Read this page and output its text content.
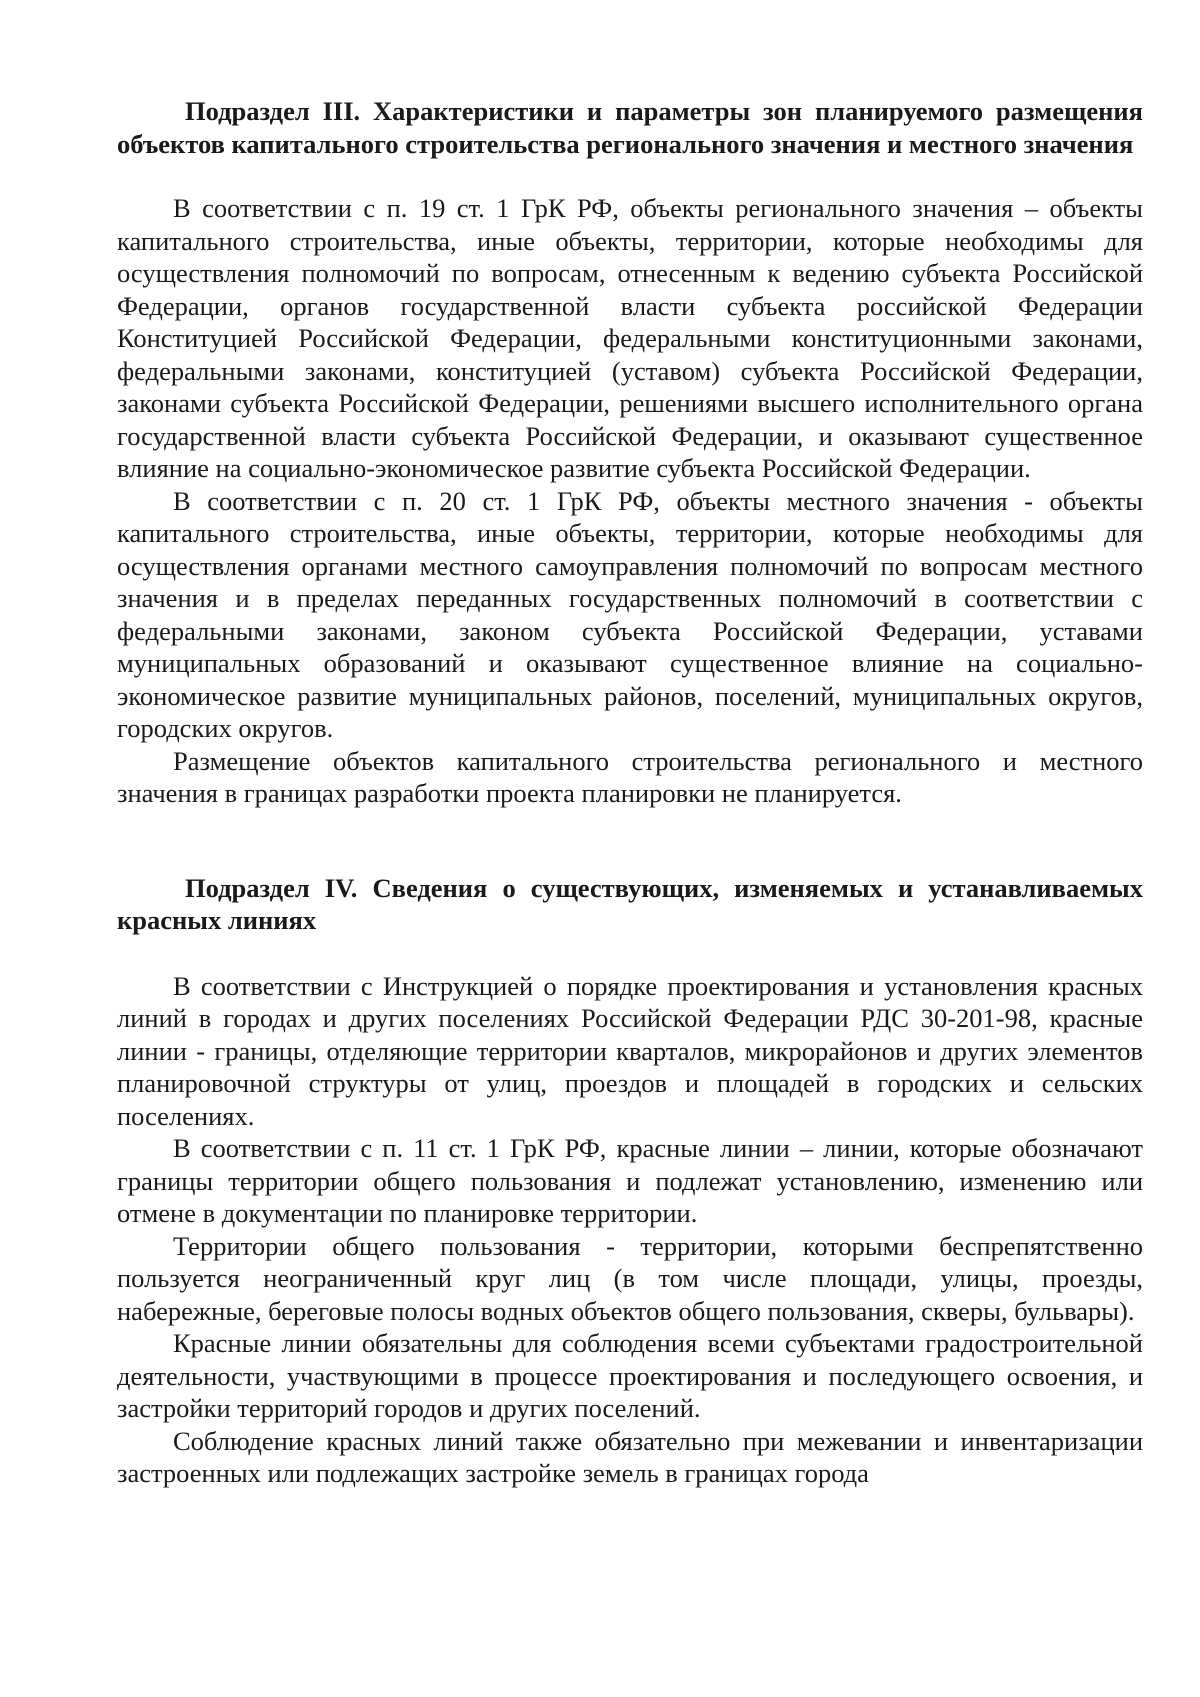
Подраздел III. Характеристики и параметры зон планируемого размещения объектов капитального строительства регионального значения и местного значения

В соответствии с п. 19 ст. 1 ГрК РФ, объекты регионального значения – объекты капитального строительства, иные объекты, территории, которые необходимы для осуществления полномочий по вопросам, отнесенным к ведению субъекта Российской Федерации, органов государственной власти субъекта российской Федерации Конституцией Российской Федерации, федеральными конституционными законами, федеральными законами, конституцией (уставом) субъекта Российской Федерации, законами субъекта Российской Федерации, решениями высшего исполнительного органа государственной власти субъекта Российской Федерации, и оказывают существенное влияние на социально-экономическое развитие субъекта Российской Федерации.

В соответствии с п. 20 ст. 1 ГрК РФ, объекты местного значения - объекты капитального строительства, иные объекты, территории, которые необходимы для осуществления органами местного самоуправления полномочий по вопросам местного значения и в пределах переданных государственных полномочий в соответствии с федеральными законами, законом субъекта Российской Федерации, уставами муниципальных образований и оказывают существенное влияние на социально-экономическое развитие муниципальных районов, поселений, муниципальных округов, городских округов.

Размещение объектов капитального строительства регионального и местного значения в границах разработки проекта планировки не планируется.

Подраздел IV. Сведения о существующих, изменяемых и устанавливаемых красных линиях

В соответствии с Инструкцией о порядке проектирования и установления красных линий в городах и других поселениях Российской Федерации РДС 30-201-98, красные линии - границы, отделяющие территории кварталов, микрорайонов и других элементов планировочной структуры от улиц, проездов и площадей в городских и сельских поселениях.

В соответствии с п. 11 ст. 1 ГрК РФ, красные линии – линии, которые обозначают границы территории общего пользования и подлежат установлению, изменению или отмене в документации по планировке территории.

Территории общего пользования - территории, которыми беспрепятственно пользуется неограниченный круг лиц (в том числе площади, улицы, проезды, набережные, береговые полосы водных объектов общего пользования, скверы, бульвары).

Красные линии обязательны для соблюдения всеми субъектами градостроительной деятельности, участвующими в процессе проектирования и последующего освоения, и застройки территорий городов и других поселений.

Соблюдение красных линий также обязательно при межевании и инвентаризации застроенных или подлежащих застройке земель в границах города
